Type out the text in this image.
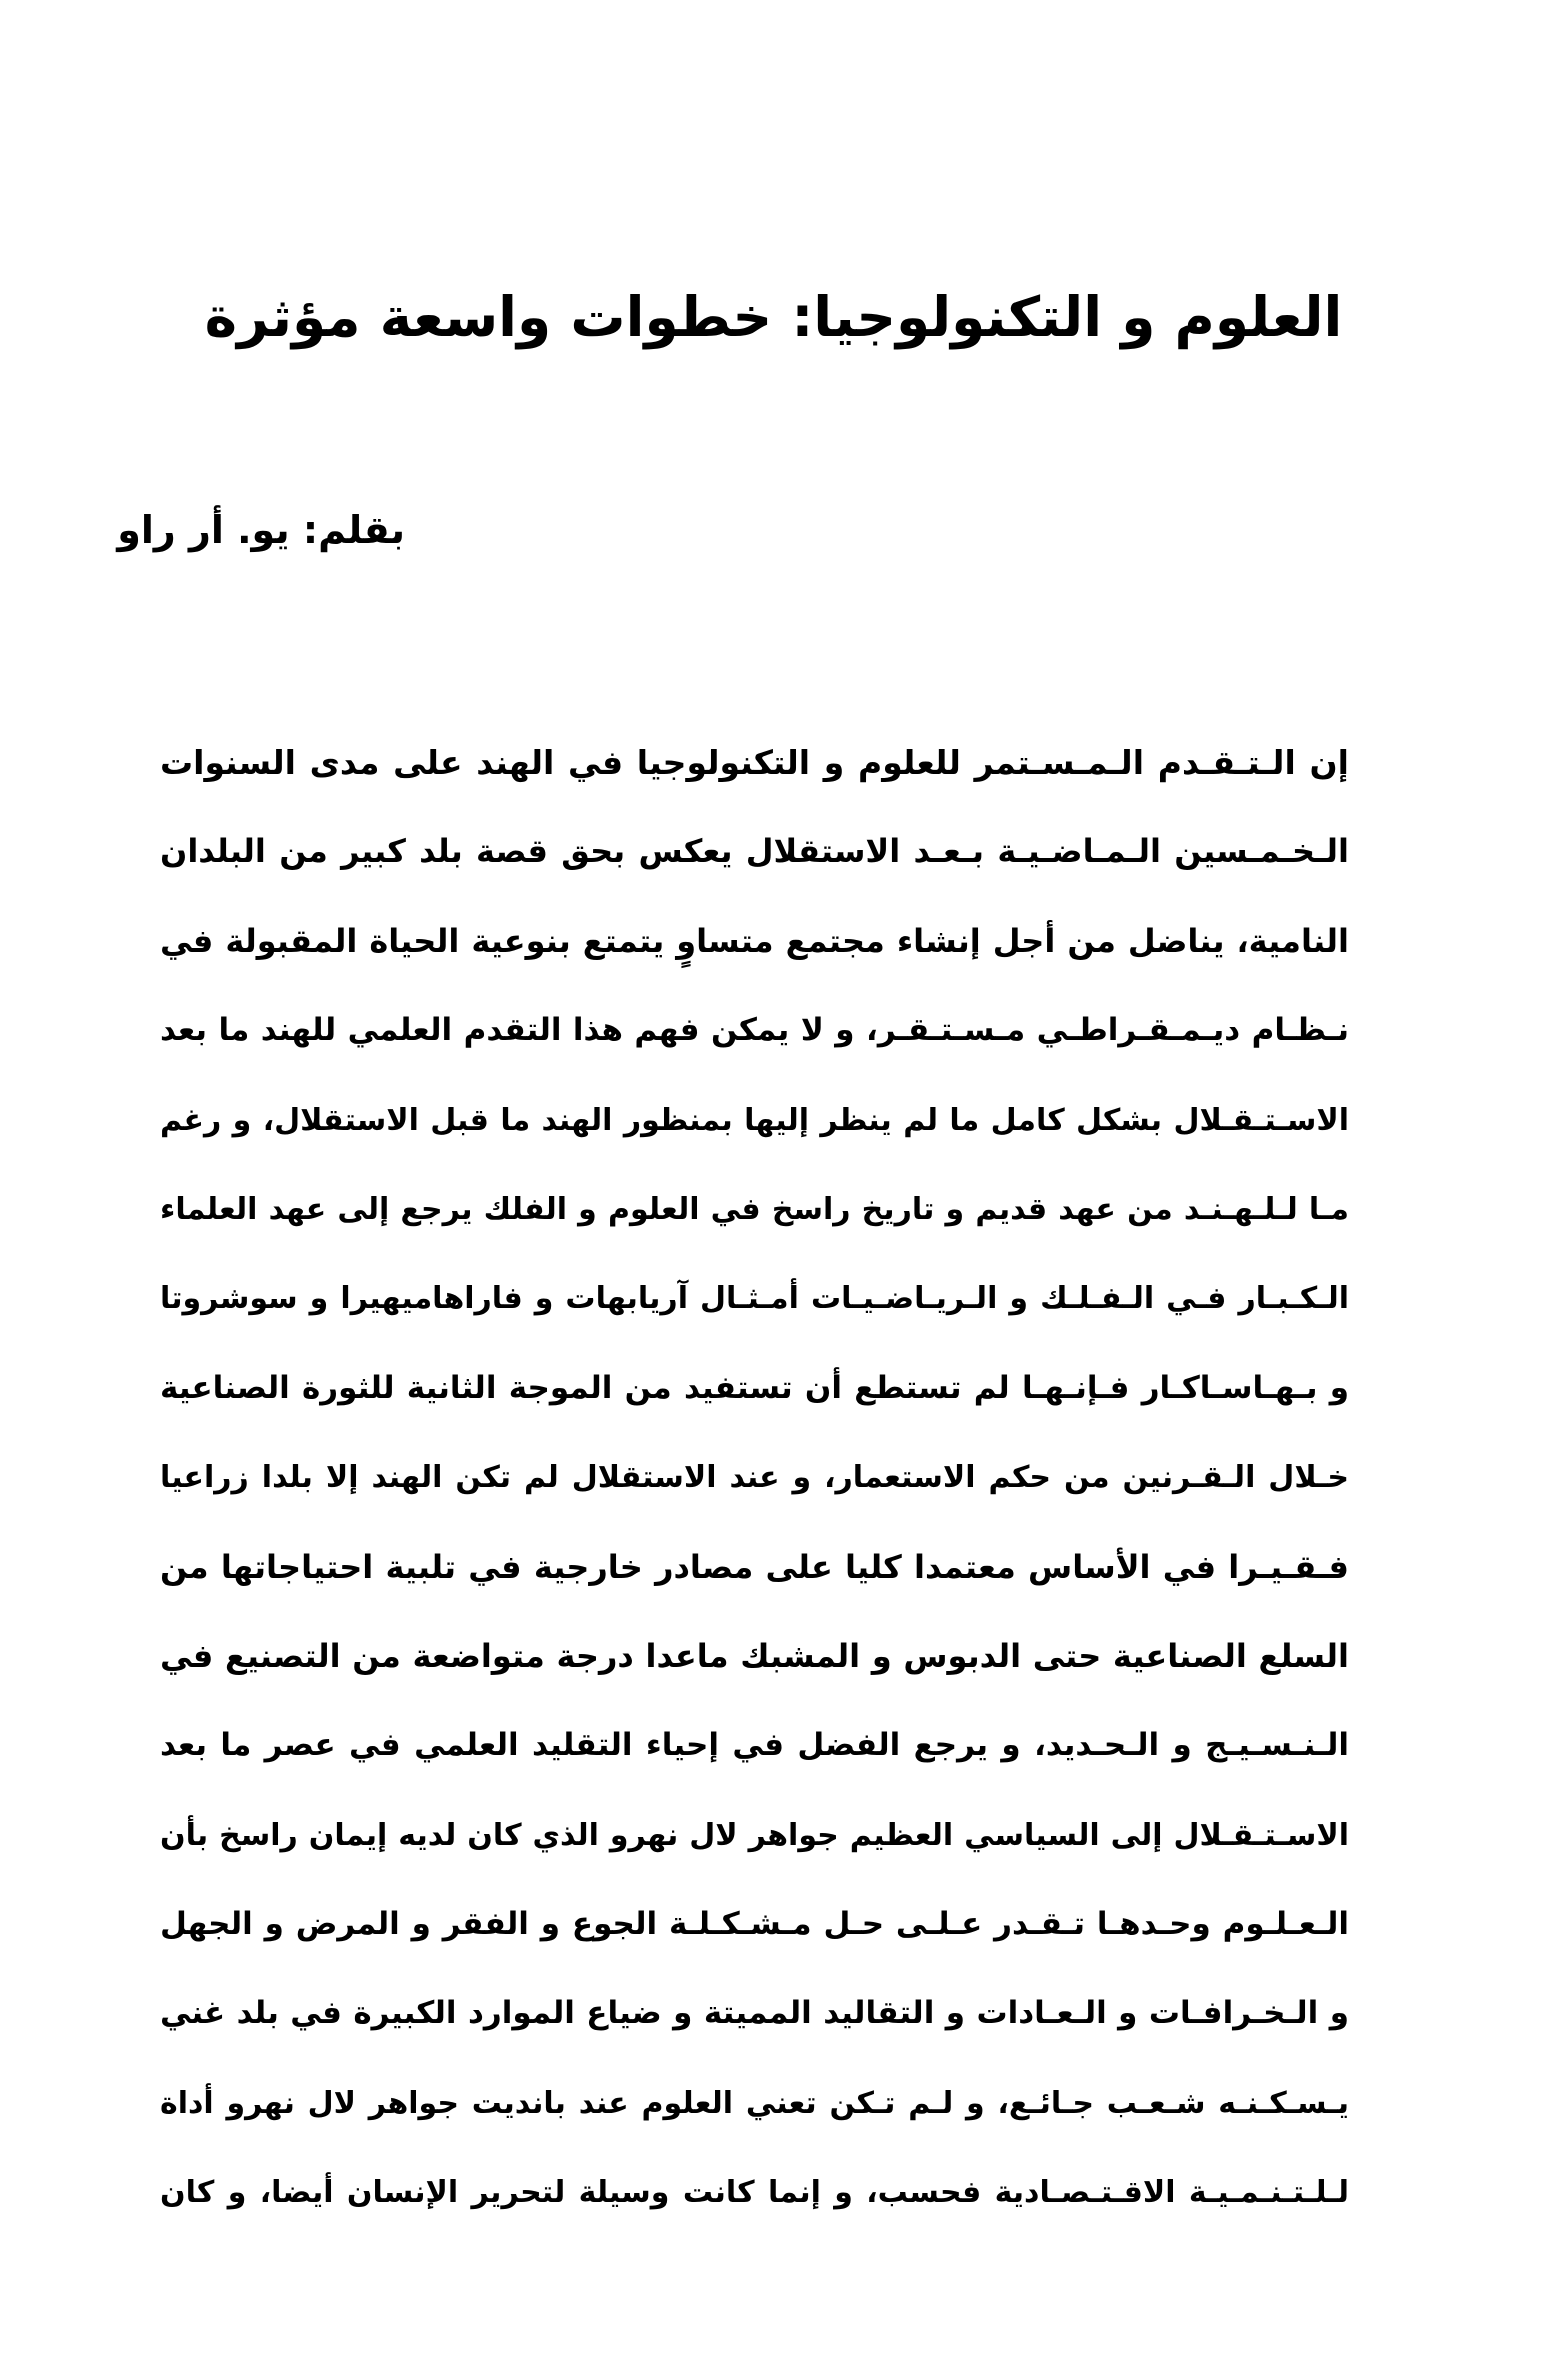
العلوم و التكنولوجيا: خطوات واسعة مؤثرة

بقلم: يو. أر راو

إن الـتـقـدم الـمـسـتمر للعلوم و التكنولوجيا في الهند على مدى السنوات
الـخـمـسين الـمـاضـيـة بـعـد الاستقلال يعكس بحق قصة بلد كبير من البلدان
النامية، يناضل من أجل إنشاء مجتمع متساوٍ يتمتع بنوعية الحياة المقبولة في
نـظـام ديـمـقـراطـي مـسـتـقـر، و لا يمكن فهم هذا التقدم العلمي للهند ما بعد
الاسـتـقـلال بشكل كامل ما لم ينظر إليها بمنظور الهند ما قبل الاستقلال، و رغم
مـا لـلـهـنـد من عهد قديم و تاريخ راسخ في العلوم و الفلك يرجع إلى عهد العلماء
الـكـبـار فـي الـفـلـك و الـريـاضـيـات أمـثـال آريابهات و فاراهاميهيرا و سوشروتا
و بـهـاسـاكـار فـإنـهـا لم تستطع أن تستفيد من الموجة الثانية للثورة الصناعية
خـلال الـقـرنين من حكم الاستعمار، و عند الاستقلال لم تكن الهند إلا بلدا زراعيا
فـقـيـرا في الأساس معتمدا كليا على مصادر خارجية في تلبية احتياجاتها من
السلع الصناعية حتى الدبوس و المشبك ماعدا درجة متواضعة من التصنيع في
الـنـسـيـج و الـحـديد، و يرجع الفضل في إحياء التقليد العلمي في عصر ما بعد
الاسـتـقـلال إلى السياسي العظيم جواهر لال نهرو الذي كان لديه إيمان راسخ بأن
الـعـلـوم وحـدهـا تـقـدر عـلـى حـل مـشـكـلـة الجوع و الفقر و المرض و الجهل
و الـخـرافـات و الـعـادات و التقاليد المميتة و ضياع الموارد الكبيرة في بلد غني
يـسـكـنـه شـعـب جـائـع، و لـم تـكن تعني العلوم عند بانديت جواهر لال نهرو أداة
لـلـتـنـمـيـة الاقـتـصـادية فحسب، و إنما كانت وسيلة لتحرير الإنسان أيضا، و كان
